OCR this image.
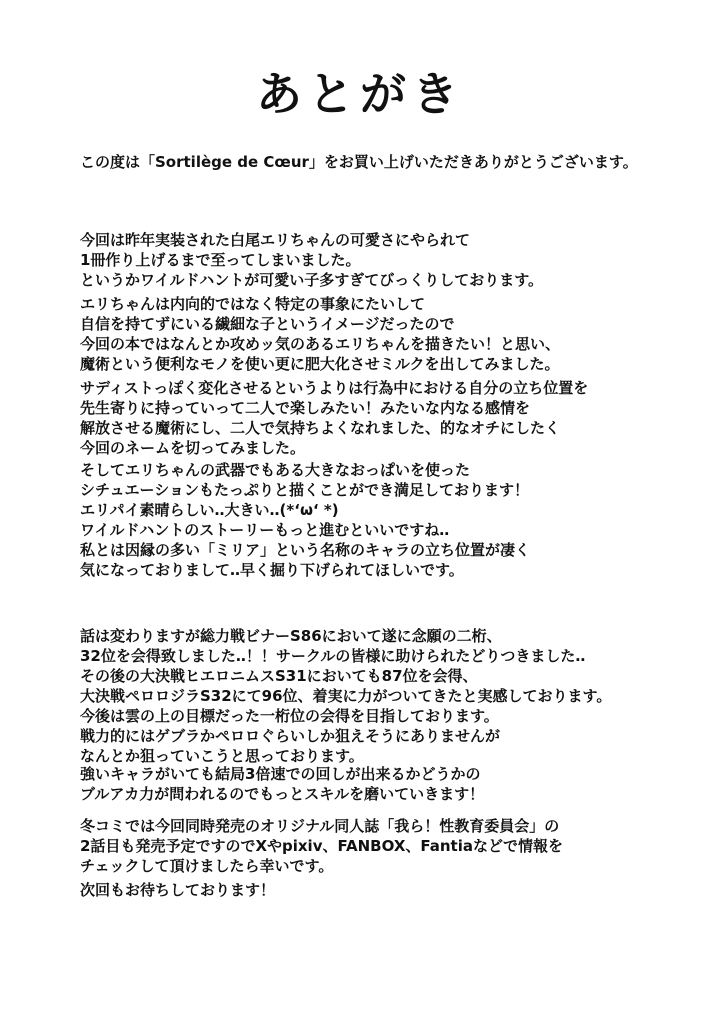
あとがき

この度は「Sortilège de Cœur」をお買い上げいただきありがとうございます。

今回は昨年実装された白尾エリちゃんの可愛さにやられて
1冊作り上げるまで至ってしまいました。
というかワイルドハントが可愛い子多すぎてびっくりしております。
エリちゃんは内向的ではなく特定の事象にたいして
自信を持てずにいる繊細な子というイメージだったので
今回の本ではなんとか攻めッ気のあるエリちゃんを描きたい！と思い、
魔術という便利なモノを使い更に肥大化させミルクを出してみました。
サディストっぽく変化させるというよりは行為中における自分の立ち位置を
先生寄りに持っていって二人で楽しみたい！みたいな内なる感情を
解放させる魔術にし、二人で気持ちよくなれました、的なオチにしたく
今回のネームを切ってみました。
そしてエリちゃんの武器でもある大きなおっぱいを使った
シチュエーションもたっぷりと描くことができ満足しております！
エリパイ素晴らしい‥大きい‥(*‘ω‘ *)
ワイルドハントのストーリーもっと進むといいですね‥
私とは因縁の多い「ミリア」という名称のキャラの立ち位置が凄く
気になっておりまして‥早く掘り下げられてほしいです。
話は変わりますが総力戦ビナーS86において遂に念願の二桁、
32位を会得致しました‥！！サークルの皆様に助けられたどりつきました‥
その後の大決戦ヒエロニムスS31においても87位を会得、
大決戦ペロロジラS32にて96位、着実に力がついてきたと実感しております。
今後は雲の上の目標だった一桁位の会得を目指しております。
戦力的にはゲブラかペロロぐらいしか狙えそうにありませんが
なんとか狙っていこうと思っております。
強いキャラがいても結局3倍速での回しが出来るかどうかの
ブルアカ力が問われるのでもっとスキルを磨いていきます！
冬コミでは今回同時発売のオリジナル同人誌「我ら！性教育委員会」の
2話目も発売予定ですのでXやpixiv、FANBOX、Fantiaなどで情報を
チェックして頂けましたら幸いです。
次回もお待ちしております！
